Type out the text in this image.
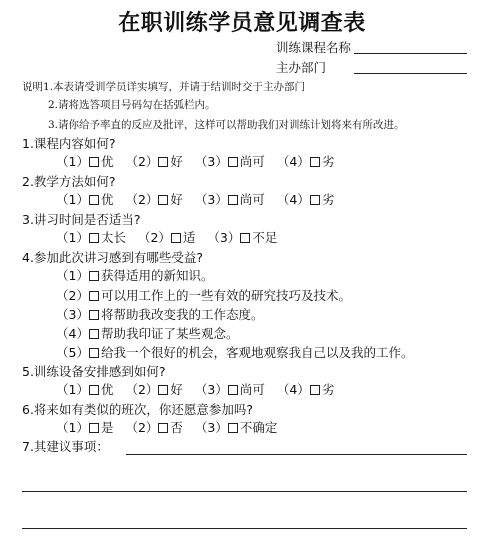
在职训练学员意见调查表
训练课程名称
主办部门
说明1.本表请受训学员详实填写，并请于结训时交于主办部门
2.请将选答项目号码勾在括弧栏内。
3.请你给予率直的反应及批评，这样可以帮助我们对训练计划将来有所改进。
1.课程内容如何?
（1） 优 （2） 好 （3） 尚可 （4） 劣
2.教学方法如何?
（1） 优 （2） 好 （3） 尚可 （4） 劣
3.讲习时间是否适当?
（1） 太长 （2） 适 （3） 不足
4.参加此次讲习感到有哪些受益?
（1） 获得适用的新知识。
（2） 可以用工作上的一些有效的研究技巧及技术。
（3） 将帮助我改变我的工作态度。
（4） 帮助我印证了某些观念。
（5） 给我一个很好的机会，客观地观察我自己以及我的工作。
5.训练设备安排感到如何?
（1） 优 （2） 好 （3） 尚可 （4） 劣
6.将来如有类似的班次，你还愿意参加吗?
（1） 是 （2） 否 （3） 不确定
7.其建议事项：
